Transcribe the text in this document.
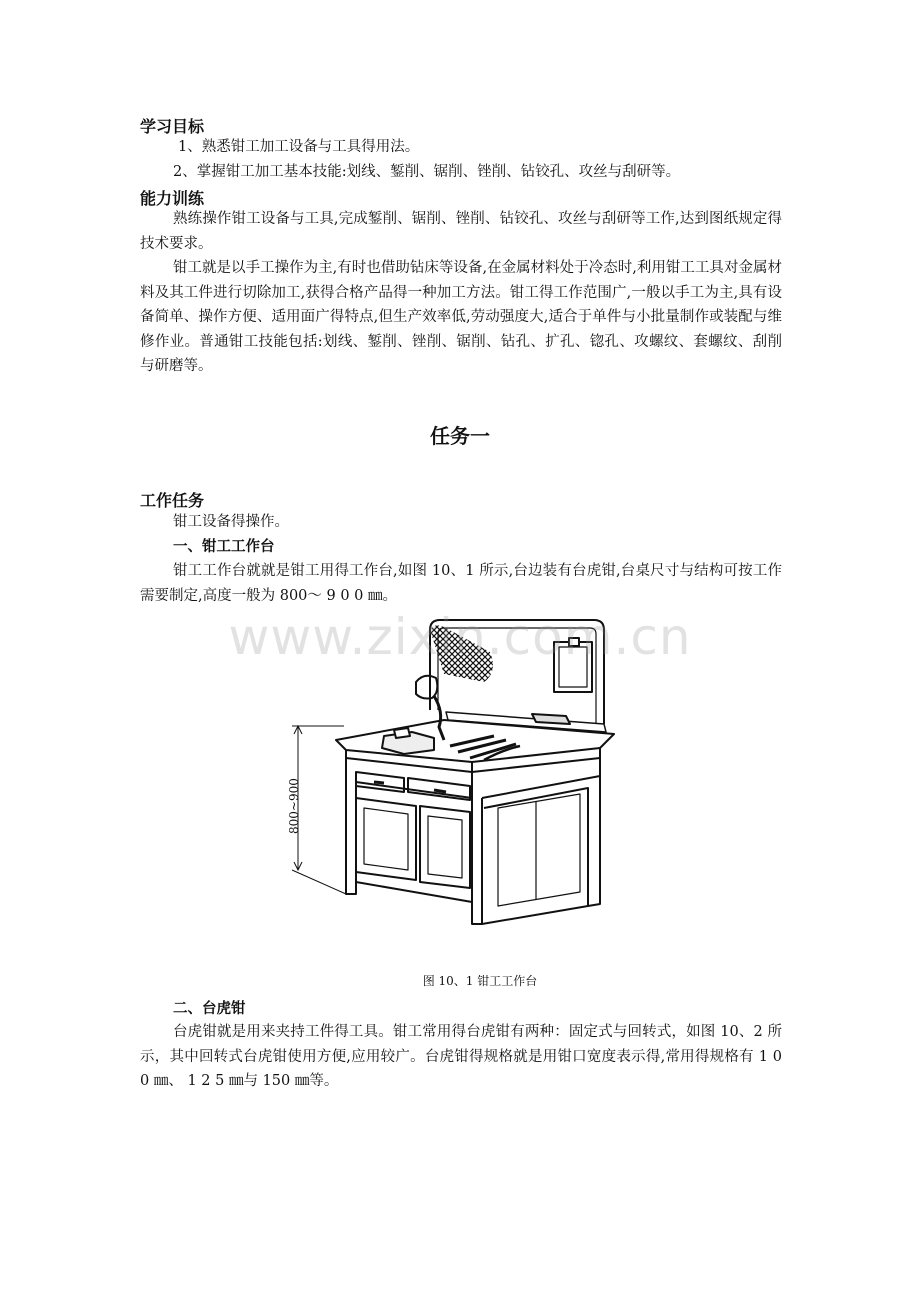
学习目标
1、熟悉钳工加工设备与工具得用法。
2、掌握钳工加工基本技能:划线、錾削、锯削、锉削、钻铰孔、攻丝与刮研等。
能力训练
熟练操作钳工设备与工具,完成錾削、锯削、锉削、钻铰孔、攻丝与刮研等工作,达到图纸规定得技术要求。
钳工就是以手工操作为主,有时也借助钻床等设备,在金属材料处于冷态时,利用钳工工具对金属材料及其工件进行切除加工,获得合格产品得一种加工方法。钳工得工作范围广,一般以手工为主,具有设备简单、操作方便、适用面广得特点,但生产效率低,劳动强度大,适合于单件与小批量制作或装配与维修作业。普通钳工技能包括:划线、錾削、锉削、锯削、钻孔、扩孔、锪孔、攻螺纹、套螺纹、刮削与研磨等。
任务一
工作任务
钳工设备得操作。
一、钳工工作台
钳工工作台就就是钳工用得工作台,如图 10、1 所示,台边装有台虎钳,台桌尺寸与结构可按工作需要制定,高度一般为 800～ 9 0 0 ㎜。
800~900
www.zixin.com.cn
图 10、1 钳工工作台
二、台虎钳
台虎钳就是用来夹持工件得工具。钳工常用得台虎钳有两种：固定式与回转式，如图 10、2 所示，其中回转式台虎钳使用方便,应用较广。台虎钳得规格就是用钳口宽度表示得,常用得规格有 1 0 0 ㎜、 1 2 5 ㎜与 150 ㎜等。
